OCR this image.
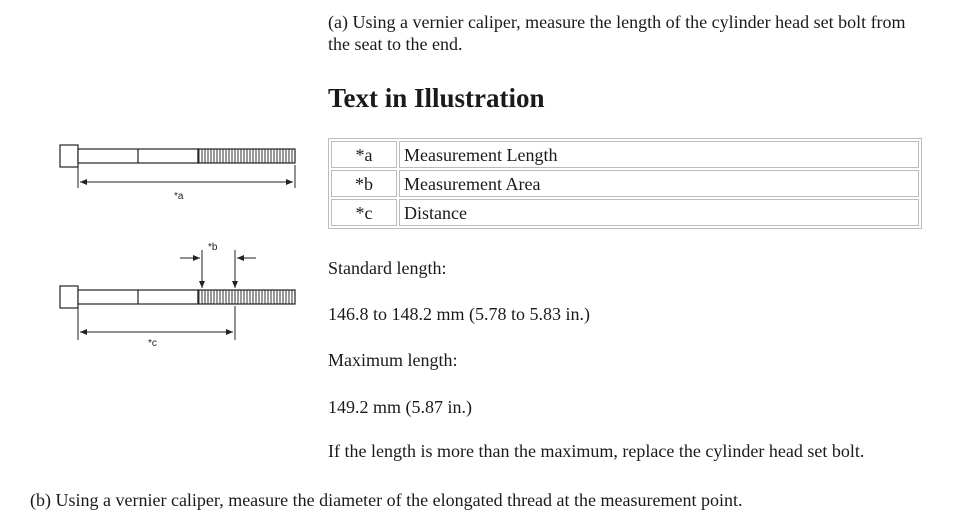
*a
*b
*c
(a) Using a vernier caliper, measure the length of the cylinder head set bolt from the seat to the end.
Text in Illustration
*a	Measurement Length
*b	Measurement Area
*c	Distance
Standard length:
146.8 to 148.2 mm (5.78 to 5.83 in.)
Maximum length:
149.2 mm (5.87 in.)
If the length is more than the maximum, replace the cylinder head set bolt.
(b) Using a vernier caliper, measure the diameter of the elongated thread at the measurement point.
